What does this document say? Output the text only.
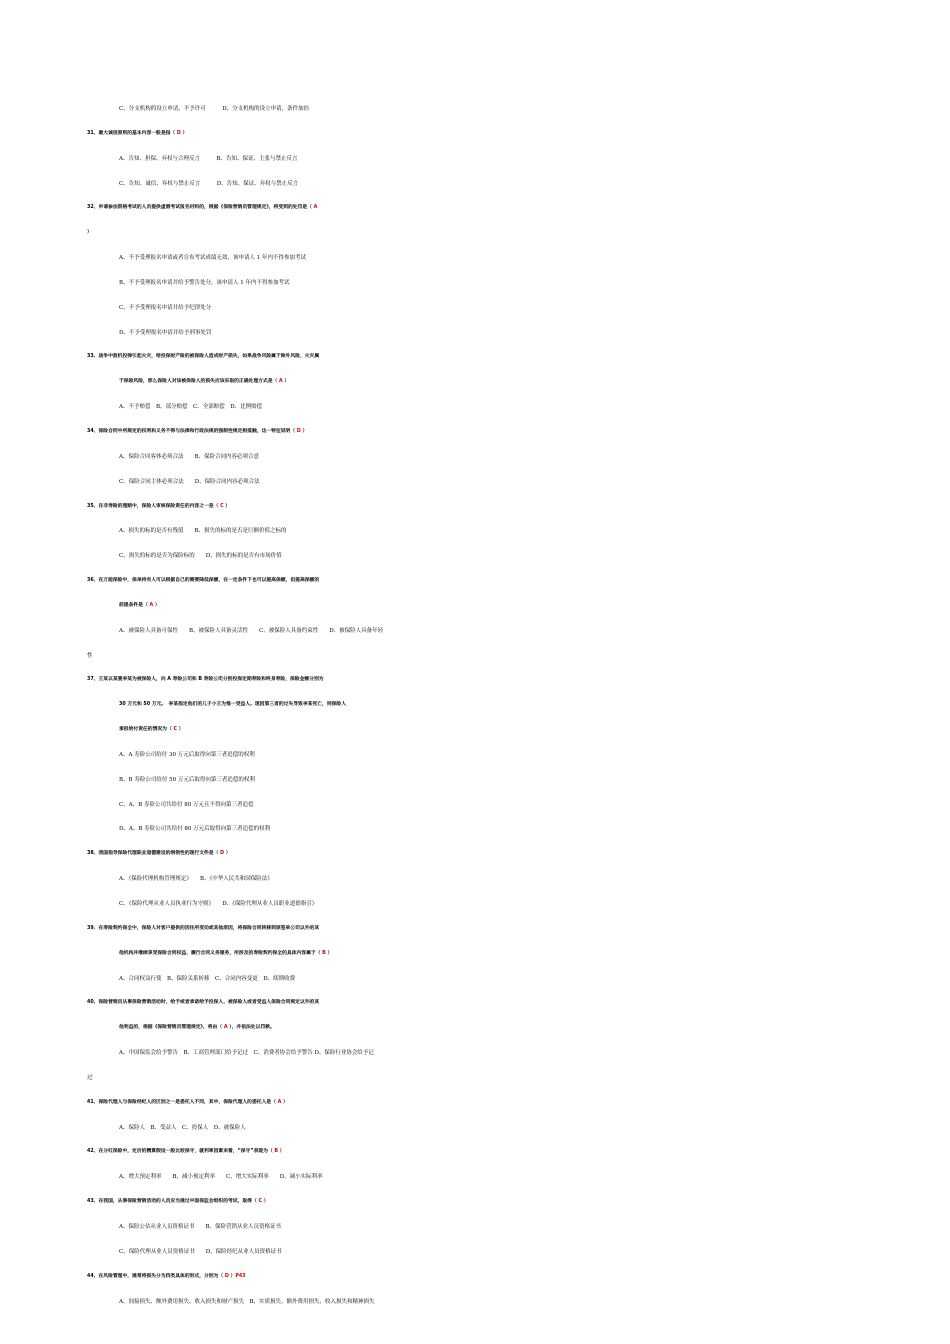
C、分支机构的设立申请，不予许可　　　D、分支机构的设立申请，条件加倍
31、最大诚信原则的基本内容一般是指（ D ）
A、告知、担保、弃权与合理反言　　　B、告知、保证、主张与禁止反言
C、告知、诚信、弃权与禁止反言　　　D、告知、保证、弃权与禁止反言
32、申请参加资格考试的人员提供虚假考试报名材料的，根据《保险营销员管理规定》，将受到的处罚是（ A
）
A、不予受理报名申请或者宣布考试成绩无效，该申请人 1 年内不得参加考试
B、不予受理报名申请并给予警告处分，该申请人 1 年内不得参加考试
C、不予受理报名申请并给予纪律处分
D、不予受理报名申请并给予刑事处罚
33、战争中敌机投弹引起火灾，给投保财产险的被保险人造成财产损失，如果战争风险属于除外风险，火灾属
于保险风险，那么保险人对该被保险人的损失应该采取的正确处理方式是（ A ）
A、不予赔偿　B、部分赔偿　C、全部赔偿　D、比例赔偿
34、保险合同中所规定的权利和义务不得与法律和行政法规的强制性规定相抵触，这一特征说明（ D ）
A、保险合同客体必须合法　　B、保险合同内容必须合意
C、保险合同主体必须合法　　D、保险合同内容必须合法
35、在非寿险的理赔中，保险人审核保险责任的内容之一是（ C ）
A、损失的标的是否有残值　　B、损失的标的是否是巨额价值之标的
C、损失的标的是否为保险标的　　D、损失的标的是否有市场价值
36、在万能保险中，保单持有人可以根据自己的需要降低保额，在一定条件下也可以提高保额，但提高保额的
前提条件是（ A ）
A、被保险人具备可保性　　B、被保险人具备灵活性　　C、被保险人具备约束性　　D、被保险人具备年轻
性
37、王某以某妻李某为被保险人，向 A 寿险公司和 B 寿险公司分别投保定期寿险和终身寿险，保险金额分别为
30 万元和 50 万元。　李某指定他们的儿子小王为惟一受益人。现因第三者的过失导致李某死亡，则保险人
承担给付责任的情况为（ C ）
A、A 寿险公司给付 30 万元后取得向第三者追偿的权利
B、B 寿险公司给付 50 万元后取得向第三者追偿的权利
C、A、B 寿险公司共给付 80 万元且不得向第三者追偿
D、A、B 寿险公司共给付 80 万元后取得向第三者追偿的权利
38、我国指导保险代理职业道德建设的纲领性的现行文件是（ D ）
A、《保险代理机构管理规定》　　B、《中华人民共和国保险法》
C、《保险代理从业人员执业行为守则》　　D、《保险代理从业人员职业道德指引》
39、在寿险契约保全中，保险人对客户提供的因住所变动或其他原因，将保险合同转移到原签单公司以外的其
他机构并继续享受保险合同权益、履行合同义务服务，所涉及的寿险契约保全的具体内容属于（ B ）
A、合同权益行使　B、保险关系转移　C、合同内容变更　D、续期收费
40、保险营销员从事保险营销活动时，给予或者承诺给予投保人、被保险人或者受益人保险合同规定以外的其
他利益的，根据《保险营销员管理规定》，将由（ A ），并依法处以罚款。
A、中国保监会给予警告　B、工商管理部门给予记过　C、消费者协会给予警告 D、保险行业协会给予记
过
41、保险代理人与保险经纪人的区别之一是委托人不同，其中，保险代理人的委托人是（ A ）
A、保险人　B、受益人　C、投保人　D、被保险人
42、在分红保险中，定价的精算假设一般比较保守，就利率因素来看，“保守”表现为（ B ）
A、增大预定利率　　B、减小预定利率　　C、增大实际利率　　D、减小实际利率
43、在我国，从事保险营销活动的人员应当通过中国保监会组织的考试，取得（ C ）
A、保险公估从业人员资格证书　　B、保险营销从业人员资格证书
C、保险代理从业人员资格证书　　D、保险经纪从业人员资格证书
44、在风险管理中，通常将损失分为四类具体的形式，分别为（ D ）P43
A、间接损失、额外费用损失、收入损失和财产损失　B、实质损失、额外费用损失、收入损失和精神损失
